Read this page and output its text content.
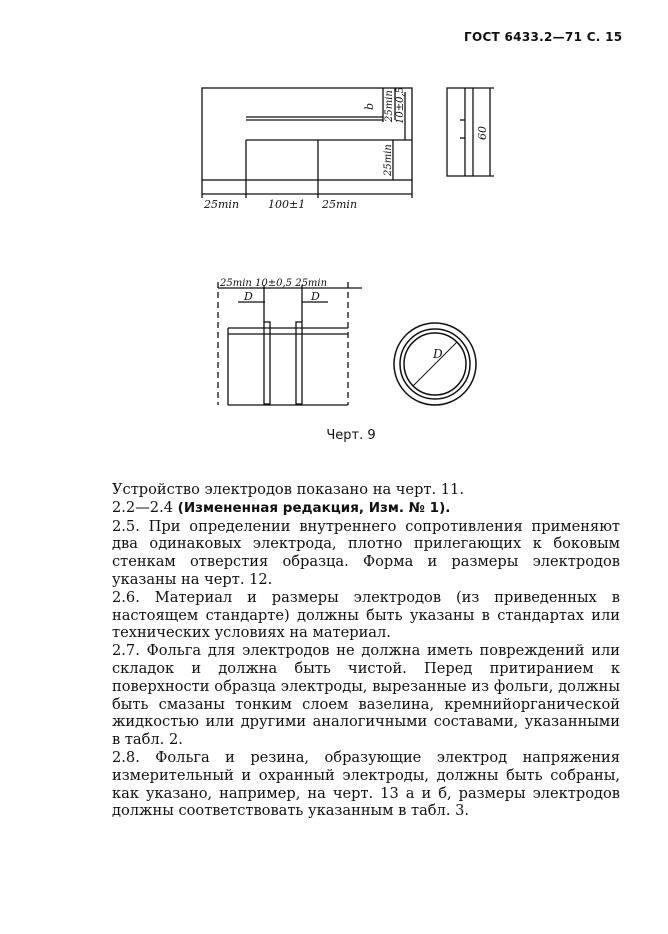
ГОСТ 6433.2—71 С. 15
25min	100±1 25min
b 25min 10±0,5
25min
60
25min 10±0,5 25min
D	D
D
Черт. 9

Устройство электродов показано на черт. 11.

2.2—2.4 (Измененная редакция, Изм. № 1).

2.5. При определении внутреннего сопротивления применяют два одинаковых электрода, плотно прилегающих к боковым стенкам отверстия образца. Форма и размеры электродов указаны на черт. 12.

2.6. Материал и размеры электродов (из приведенных в настоящем стандарте) должны быть указаны в стандартах или технических условиях на материал.

2.7. Фольга для электродов не должна иметь повреждений или складок и должна быть чистой. Перед притиранием к поверхности образца электроды, вырезанные из фольги, должны быть смазаны тонким слоем вазелина, кремнийорганической жидкостью или другими аналогичными составами, указанными в табл. 2.

2.8. Фольга и резина, образующие электрод напряжения измерительный и охранный электроды, должны быть собраны, как указано, например, на черт. 13 а и б, размеры электродов должны соответствовать указанным в табл. 3.
